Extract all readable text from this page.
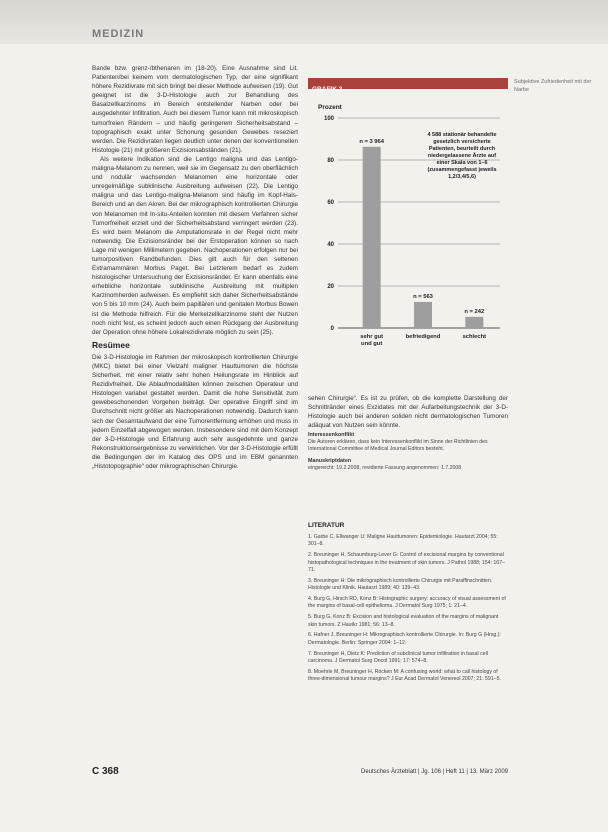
MEDIZIN

Bande bzw. grenz-/bthenaren im (18-20). Eine Ausnahme sind Lit. Patienten/bei keinem vom dermatologischen Typ, der eine signifikant höhere Rezidivrate mit sich bringt bei dieser Methode aufweisen (19). Gut geeignet ist die 3-D-Histologie auch zur Behandlung des Basalzellkarzinoms im Bereich entstellender Narben oder bei ausgedehnter Infiltration. Auch bei diesem Tumor kann mit mikroskopisch tumorfreien Rändern – und häufig geringerem Sicherheitsabstand – topographisch exakt unter Schonung gesunden Gewebes reseziert werden. Die Rezidivraten liegen deutlich unter denen der konventionellen Histologie (21) mit größeren Exzisionsabständen (21).

Als weitere Indikation sind die Lentigo maligna und das Lentigo-maligna-Melanom zu nennen, weil sie im Gegensatz zu den oberflächlich und nodulär wachsenden Melanomen eine horizontale oder unregelmäßige subklinische Ausbreitung aufweisen (22). Die Lentigo maligna und das Lentigo-maligna-Melanom sind häufig im Kopf-Hals-Bereich und an den Akren. Bei der mikrographisch kontrollierten Chirurgie von Melanomen mit In-situ-Anteilen konnten mit diesem Verfahren sicher Tumorfreiheit erzielt und der Sicherheitsabstand verringert werden (23). Es wird beim Melanom die Amputationsrate in der Regel nicht mehr notwendig. Die Exzisionsränder bei der Erstoperation können so nach Lage mit wenigen Millimetern gegeben. Nachoperationen erfolgen nur bei tumorpositiven Randbefunden. Dies gilt auch für den seltenen Extramammären Morbus Paget. Bei Letzterem bedarf es zudem histologischer Untersuchung der Exzisionsränder. Er kann ebenfalls eine erhebliche horizontale subklinische Ausbreitung mit multiplen Karzinomherden aufweisen. Es empfiehlt sich daher Sicherheitsabstände von 5 bis 10 mm (24). Auch beim papillären und genitalen Morbus Bowen ist die Methode hilfreich. Für die Merkelzellkarzinome steht der Nutzen noch nicht fest, es scheint jedoch auch einen Rückgang der Ausbreitung der Operation ohne höhere Lokalrezidivrate möglich zu sein (25).

Resümee

Die 3-D-Histologie im Rahmen der mikroskopisch kontrollierten Chirurgie (MKC) bietet bei einer Vielzahl maligner Hauttumoren die höchste Sicherheit, mit einer relativ sehr hohen Heilungsrate im Hinblick auf Rezidivfreiheit. Die Ablaufmodalitäten können zwischen Operateur und Histologen variabel gestaltet werden. Damit die hohe Sensitivität zum gewebeschonenden Vorgehen beiträgt. Der operative Eingriff sind im Durchschnitt nicht größer als Nachoperationen notwendig. Dadurch kann sich der Gesamtaufwand der eine Tumorentfernung erhöhen und muss in jedem Einzelfall abgewogen werden. Insbesondere sind mit dem Konzept der 3-D-Histologie und Erfahrung auch sehr ausgedehnte und ganze Rekonstruktionsergebnisse zu verwirklichen. Vor der 3-D-Histologie erfüllt die Bedingungen der im Katalog des OPS und im EBM genannten „Histotopographie“ oder mikrographischen Chirurgie.

GRAFIK 3
Prozent
4 588 stationär behandelte gesetzlich versicherte Patienten, beurteilt durch niedergelassene Ärzte auf einer Skala von 1–6 (zusammengefasst jeweils 1,2/3,4/5,6)
100
80
60
40
20
0
n = 3 964
sehr gut und gut
n = 563
befriedigend
n = 242
schlecht
Subjektive Zufriedenheit mit der Narbe
sehen Chirurgie“. Es ist zu prüfen, ob die komplette Darstellung der Schnittränder eines Exzidates mit der Aufarbeitungstechnik der 3-D-Histologie auch bei anderen soliden nicht dermatologischen Tumoren adäquat von Nutzen sein könnte.
Interessenkonflikt
Die Autoren erklären, dass kein Interessenkonflikt im Sinne der Richtlinien des International Committee of Medical Journal Editors besteht.
Manuskriptdaten
eingereicht: 19.2.2008, revidierte Fassung angenommen: 1.7.2008
LITERATUR
1. Garbe C, Ellwanger U: Maligne Hauttumoren: Epidemiologie. Hautarzt 2004; 55: 301–8.
2. Breuninger H, Schaumburg-Lever G: Control of excisional margins by conventional histopathological techniques in the treatment of skin tumors. J Pathol 1988; 154: 167–71.
3. Breuninger H: Die mikrographisch kontrollierte Chirurgie mit Paraffinschnitten. Histologie und Klinik. Hautarzt 1989; 40: 139–43.
4. Burg G, Hirsch RD, Konz B: Histographic surgery: accuracy of visual assessment of the margins of basal-cell epithelioma. J Dermatol Surg 1975; 1: 21–4.
5. Burg G, Konz B: Excision and histological evaluation of the margins of malignant skin tumors. Z Hautkr 1981; 56: 13–8.
6. Hafner J, Breuninger H: Mikrographisch kontrollierte Chirurgie. In: Burg G (Hrsg.): Dermatologie. Berlin: Springer 2004: 1–12.
7. Breuninger H, Dietz K: Prediction of subclinical tumor infiltration in basal cell carcinoma. J Dermatol Surg Oncol 1991; 17: 574–8.
8. Moehrle M, Breuninger H, Röcken M: A confusing world: what to call histology of three-dimensional tumour margins? J Eur Acad Dermatol Venereol 2007; 21: 591–5.
C 368	Deutsches Ärzteblatt | Jg. 106 | Heft 11 | 13. März 2009
